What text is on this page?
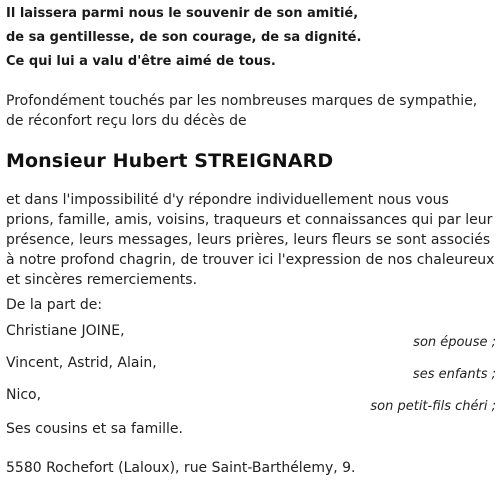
Il laissera parmi nous le souvenir de son amitié,
de sa gentillesse, de son courage, de sa dignité.
Ce qui lui a valu d'être aimé de tous.
Profondément touchés par les nombreuses marques de sympathie, de réconfort reçu lors du décès de
Monsieur Hubert STREIGNARD
et dans l'impossibilité d'y répondre individuellement nous vous prions, famille, amis, voisins, traqueurs et connaissances qui par leur présence, leurs messages, leurs prières, leurs fleurs se sont associés à notre profond chagrin, de trouver ici l'expression de nos chaleureux et sincères remerciements.
De la part de:
Christiane JOINE,
son épouse ;
Vincent, Astrid, Alain,
ses enfants ;
Nico,
son petit-fils chéri ;
Ses cousins et sa famille.
5580 Rochefort (Laloux), rue Saint-Barthélemy, 9.
